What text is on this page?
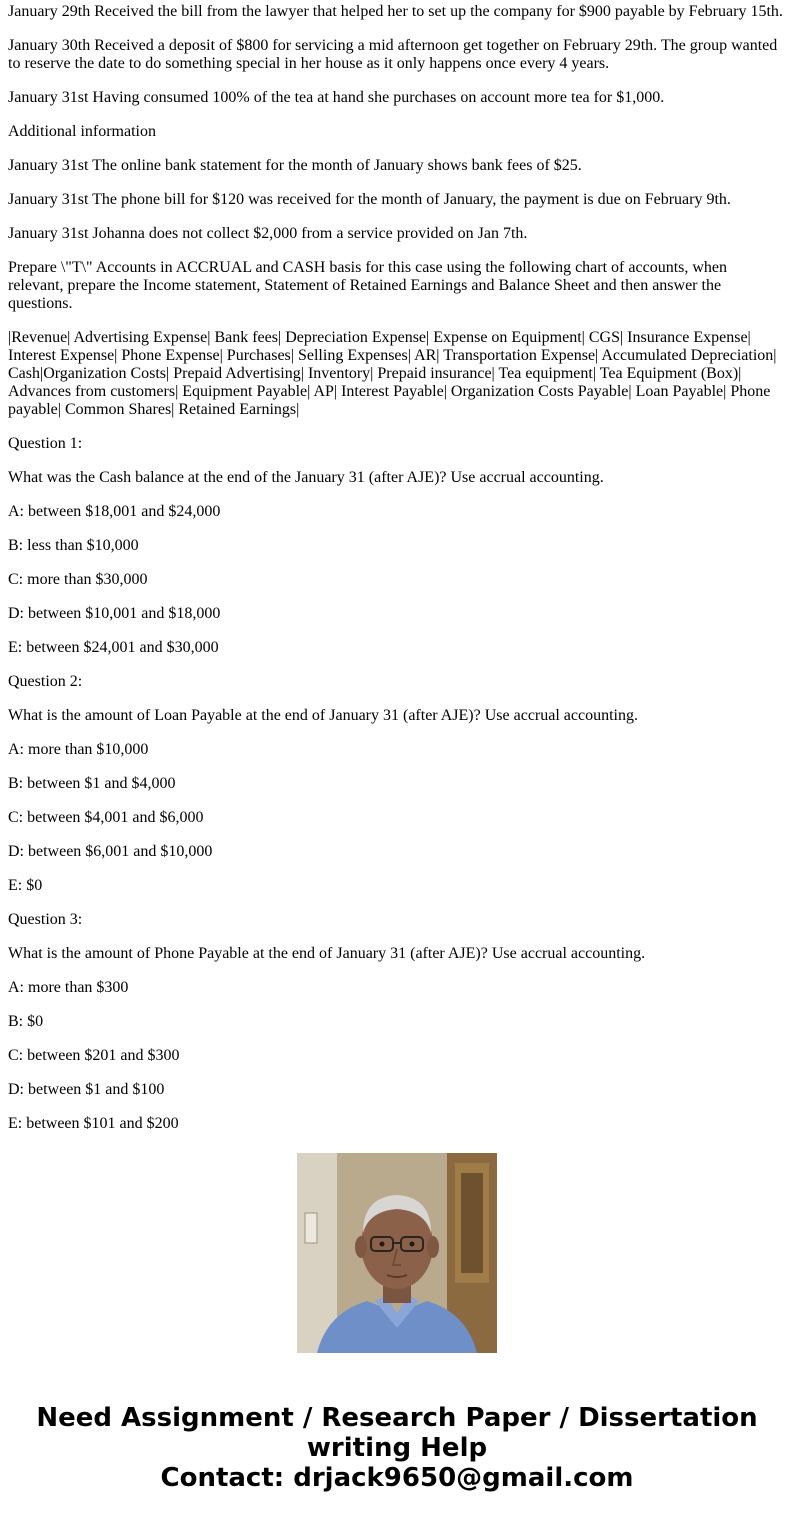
January 29th Received the bill from the lawyer that helped her to set up the company for $900 payable by February 15th.

January 30th Received a deposit of $800 for servicing a mid afternoon get together on February 29th. The group wanted to reserve the date to do something special in her house as it only happens once every 4 years.

January 31st Having consumed 100% of the tea at hand she purchases on account more tea for $1,000.

Additional information

January 31st The online bank statement for the month of January shows bank fees of $25.

January 31st The phone bill for $120 was received for the month of January, the payment is due on February 9th.

January 31st Johanna does not collect $2,000 from a service provided on Jan 7th.

Prepare \"T\" Accounts in ACCRUAL and CASH basis for this case using the following chart of accounts, when relevant, prepare the Income statement, Statement of Retained Earnings and Balance Sheet and then answer the questions.

|Revenue| Advertising Expense| Bank fees| Depreciation Expense| Expense on Equipment| CGS| Insurance Expense| Interest Expense| Phone Expense| Purchases| Selling Expenses| AR| Transportation Expense| Accumulated Depreciation| Cash|Organization Costs| Prepaid Advertising| Inventory| Prepaid insurance| Tea equipment| Tea Equipment (Box)| Advances from customers| Equipment Payable| AP| Interest Payable| Organization Costs Payable| Loan Payable| Phone payable| Common Shares| Retained Earnings|

Question 1:

What was the Cash balance at the end of the January 31 (after AJE)? Use accrual accounting.

A: between $18,001 and $24,000

B: less than $10,000

C: more than $30,000

D: between $10,001 and $18,000

E: between $24,001 and $30,000

Question 2:

What is the amount of Loan Payable at the end of January 31 (after AJE)? Use accrual accounting.

A: more than $10,000

B: between $1 and $4,000

C: between $4,001 and $6,000

D: between $6,001 and $10,000

E: $0

Question 3:

What is the amount of Phone Payable at the end of January 31 (after AJE)? Use accrual accounting.

A: more than $300

B: $0

C: between $201 and $300

D: between $1 and $100

E: between $101 and $200

Need Assignment / Research Paper / Dissertation
writing Help
Contact: drjack9650@gmail.com
